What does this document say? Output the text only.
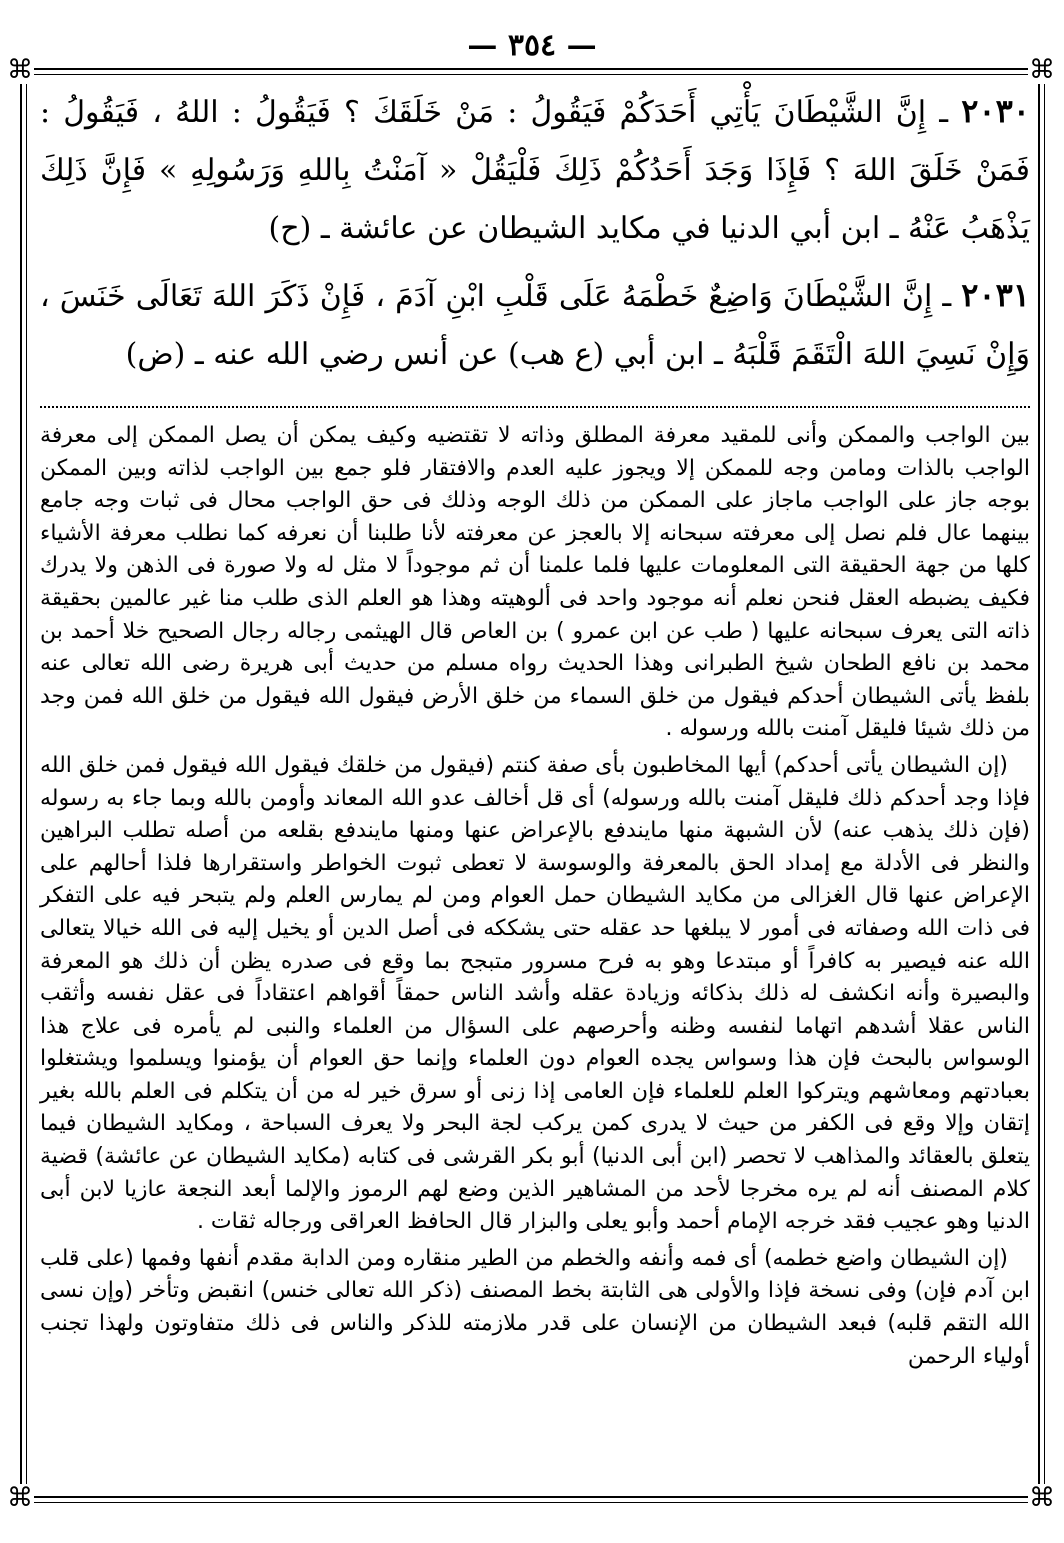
— ٣٥٤ —
⌘	⌘
⌘	⌘

٢٠٣٠ ـ إِنَّ الشَّيْطَانَ يَأْتِي أَحَدَكُمْ فَيَقُولُ : مَنْ خَلَقَكَ ؟ فَيَقُولُ : اللهُ ، فَيَقُولُ : فَمَنْ خَلَقَ اللهَ ؟ فَإِذَا وَجَدَ أَحَدُكُمْ ذَلِكَ فَلْيَقُلْ « آمَنْتُ بِاللهِ وَرَسُولِهِ » فَإِنَّ ذَلِكَ يَذْهَبُ عَنْهُ ـ ابن أبي الدنيا في مكايد الشيطان عن عائشة ـ (ح)

٢٠٣١ ـ إِنَّ الشَّيْطَانَ وَاضِعٌ خَطْمَهُ عَلَى قَلْبِ ابْنِ آدَمَ ، فَإِنْ ذَكَرَ اللهَ تَعَالَى خَنَسَ ، وَإِنْ نَسِيَ اللهَ الْتَقَمَ قَلْبَهُ ـ ابن أبي (ع هب) عن أنس رضي الله عنه ـ (ض)

بين الواجب والممكن وأنى للمقيد معرفة المطلق وذاته لا تقتضيه وكيف يمكن أن يصل الممكن إلى معرفة الواجب بالذات ومامن وجه للممكن إلا ويجوز عليه العدم والافتقار فلو جمع بين الواجب لذاته وبين الممكن بوجه جاز على الواجب ماجاز على الممكن من ذلك الوجه وذلك فى حق الواجب محال فى ثبات وجه جامع بينهما عال فلم نصل إلى معرفته سبحانه إلا بالعجز عن معرفته لأنا طلبنا أن نعرفه كما نطلب معرفة الأشياء كلها من جهة الحقيقة التى المعلومات عليها فلما علمنا أن ثم موجوداً لا مثل له ولا صورة فى الذهن ولا يدرك فكيف يضبطه العقل فنحن نعلم أنه موجود واحد فى ألوهيته وهذا هو العلم الذى طلب منا غير عالمين بحقيقة ذاته التى يعرف سبحانه عليها ( طب عن ابن عمرو ) بن العاص قال الهيثمى رجاله رجال الصحيح خلا أحمد بن محمد بن نافع الطحان شيخ الطبرانى وهذا الحديث رواه مسلم من حديث أبى هريرة رضى الله تعالى عنه بلفظ يأتى الشيطان أحدكم فيقول من خلق السماء من خلق الأرض فيقول الله فيقول من خلق الله فمن وجد من ذلك شيئا فليقل آمنت بالله ورسوله .

(إن الشيطان يأتى أحدكم) أيها المخاطبون بأى صفة كنتم (فيقول من خلقك فيقول الله فيقول فمن خلق الله فإذا وجد أحدكم ذلك فليقل آمنت بالله ورسوله) أى قل أخالف عدو الله المعاند وأومن بالله وبما جاء به رسوله (فإن ذلك يذهب عنه) لأن الشبهة منها مايندفع بالإعراض عنها ومنها مايندفع بقلعه من أصله تطلب البراهين والنظر فى الأدلة مع إمداد الحق بالمعرفة والوسوسة لا تعطى ثبوت الخواطر واستقرارها فلذا أحالهم على الإعراض عنها قال الغزالى من مكايد الشيطان حمل العوام ومن لم يمارس العلم ولم يتبحر فيه على التفكر فى ذات الله وصفاته فى أمور لا يبلغها حد عقله حتى يشككه فى أصل الدين أو يخيل إليه فى الله خيالا يتعالى الله عنه فيصير به كافراً أو مبتدعا وهو به فرح مسرور متبجح بما وقع فى صدره يظن أن ذلك هو المعرفة والبصيرة وأنه انكشف له ذلك بذكائه وزيادة عقله وأشد الناس حمقاً أقواهم اعتقاداً فى عقل نفسه وأثقب الناس عقلا أشدهم اتهاما لنفسه وظنه وأحرصهم على السؤال من العلماء والنبى لم يأمره فى علاج هذا الوسواس بالبحث فإن هذا وسواس يجده العوام دون العلماء وإنما حق العوام أن يؤمنوا ويسلموا ويشتغلوا بعبادتهم ومعاشهم ويتركوا العلم للعلماء فإن العامى إذا زنى أو سرق خير له من أن يتكلم فى العلم بالله بغير إتقان وإلا وقع فى الكفر من حيث لا يدرى كمن يركب لجة البحر ولا يعرف السباحة ، ومكايد الشيطان فيما يتعلق بالعقائد والمذاهب لا تحصر (ابن أبى الدنيا) أبو بكر القرشى فى كتابه (مكايد الشيطان عن عائشة) قضية كلام المصنف أنه لم يره مخرجا لأحد من المشاهير الذين وضع لهم الرموز والإلما أبعد النجعة عازيا لابن أبى الدنيا وهو عجيب فقد خرجه الإمام أحمد وأبو يعلى والبزار قال الحافظ العراقى ورجاله ثقات .

(إن الشيطان واضع خطمه) أى فمه وأنفه والخطم من الطير منقاره ومن الدابة مقدم أنفها وفمها (على قلب ابن آدم فإن) وفى نسخة فإذا والأولى هى الثابتة بخط المصنف (ذكر الله تعالى خنس) انقبض وتأخر (وإن نسى الله التقم قلبه) فبعد الشيطان من الإنسان على قدر ملازمته للذكر والناس فى ذلك متفاوتون ولهذا تجنب أولياء الرحمن
